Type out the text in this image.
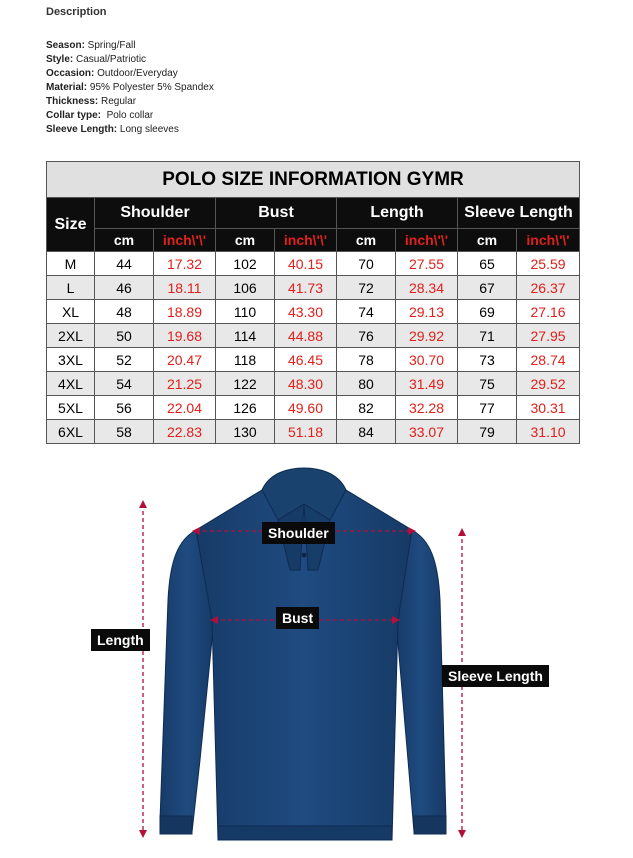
Description
Season: Spring/Fall
Style: Casual/Patriotic
Occasion: Outdoor/Everyday
Material: 95% Polyester 5% Spandex
Thickness: Regular
Collar type:  Polo collar
Sleeve Length: Long sleeves
POLO SIZE INFORMATION GYMR								
Size	Shoulder		Bust		Length		Sleeve Length	
	cm	inch\'\'	cm	inch\'\'	cm	inch\'\'	cm	inch\'\'
M	44	17.32	102	40.15	70	27.55	65	25.59
L	46	18.11	106	41.73	72	28.34	67	26.37
XL	48	18.89	110	43.30	74	29.13	69	27.16
2XL	50	19.68	114	44.88	76	29.92	71	27.95
3XL	52	20.47	118	46.45	78	30.70	73	28.74
4XL	54	21.25	122	48.30	80	31.49	75	29.52
5XL	56	22.04	126	49.60	82	32.28	77	30.31
6XL	58	22.83	130	51.18	84	33.07	79	31.10
Shoulder
Bust
Length
Sleeve Length
